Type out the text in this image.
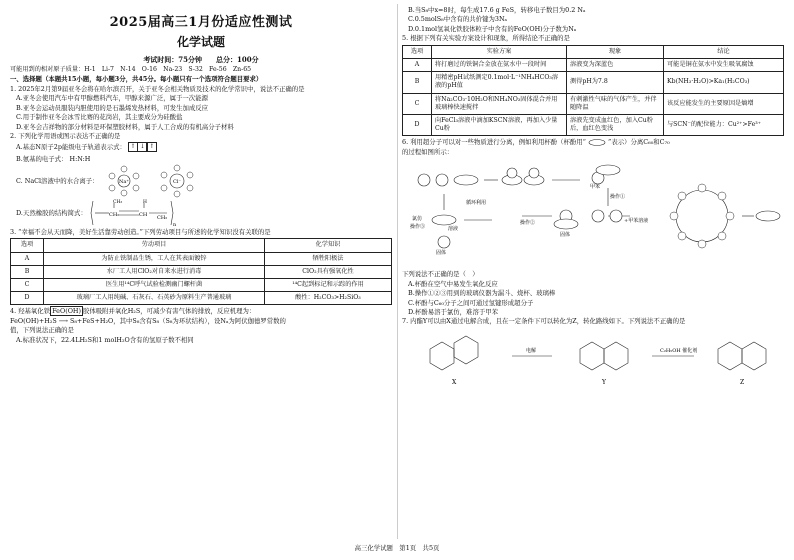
2025届高三1月份适应性测试
化学试题
考试时间：75分钟　　总分：100分
可能用到的相对原子质量：H-1　Li-7　N-14　O-16　Na-23　S-32　Fe-56　Zn-65
一、选择题（本题共15小题，每小题3分，共45分。每小题只有一个选项符合题目要求）

1. 2025年2月第9届亚冬会将在哈尔滨召开，关于亚冬会相关物质及技术的化学常识中，说法不正确的是

A.亚冬会使用汽车中有甲醇燃料汽车，甲醇来源广泛，属于一次能源

B.亚冬会运动员服装内胆使用的是石墨烯发热材料，可发生加成反应

C.用于制作亚冬会冰雪比赛的花岗岩，其主要成分为硅酸盐

D.亚冬会吉祥物的部分材料是环保塑胶材料，属于人工合成的有机高分子材料

2. 下列化学用语或图示表达不正确的是

A.基态N原子2p能级电子轨道表示式： ↑ ↓ ↑

B.氨基的电子式： H:N:H

C. NaCl溶液中的水合离子：	Na⁺	Cl⁻
D.天然橡胶的结构简式：	CH₂
CH₃
CH
H
CH₂
n

3. “幸福不会从天而降，美好生活靠劳动创造。”下列劳动项目与所述的化学知识没有关联的是

选项	劳动项目	化学知识
A	为防止铁制品生锈，工人在其表面镀锌	牺牲阳极法
B	水厂工人用ClO₂对自来水进行消毒	ClO₂具有强氧化性
C	医生用¹⁴C呼气试验检测幽门螺杆菌	¹⁴C起到标记和示踪的作用
D	玻璃厂工人用纯碱、石灰石、石英砂为原料生产普通玻璃	酸性：H₂CO₃>H₂SiO₃

4. 羟基氧化铁 FeO(OH) 胶体吸附并氧化H₂S，可减少有害气体的排放，反应机理为：

FeO(OH)+H₂S ⟶ S₈+FeS+H₂O，其中S₈含有S₈（S₈为环状结构），设Nₐ为阿伏伽德罗常数的

值，下列说法正确的是

A.标准状况下，22.4LH₂S和1 molH₂O含有的氢原子数不相同

B.当S₈中x=8时，每生成17.6 g FeS，转移电子数目为0.2 Nₐ

C.0.5molS₈中含有的共价键为3Nₐ

D.0.1mol氢氧化铁胶体粒子中含有的FeO(OH)分子数为Nₐ

5. 根据下列有关实验方案设计和现象，所得结论不正确的是

选项	实验方案	现象	结论
A	将打磨过的铁铜合金放在氨水中一段时间	溶液变为深蓝色	可能是铜在氨水中发生吸氧腐蚀
B	用精密pH试纸测定0.1mol·L⁻¹NH₄HCO₃溶液的pH值	测得pH为7.8	Kb(NH₃·H₂O)>Ka₁(H₂CO₃)
C	将Na₂CO₃·10H₂O和NH₄NO₃固体混合并用玻璃棒快速搅拌	有刺激性气味的气体产生，并伴随降温	该反应能发生的主要原因是熵增
D	向FeCl₃溶液中滴加KSCN溶液，再加入少量Cu粉	溶液先变成血红色，加入Cu粉后，血红色变浅	与SCN⁻的配位能力：Cu²⁺>Fe³⁺

6. 利用超分子可以对一些物质进行分离，例如利用杯酚（杯酚用“	”表示）分离C₆₀和C₇₀

的过程如图所示：

甲苯
操作①
氯仿
操作③
循环利用
溶液
固体
操作②	+甲苯溶液
固体

下列说法不正确的是（　）

A.杯酚在空气中易发生氧化反应

B.操作①②③用到的玻璃仪器为漏斗、烧杯、玻璃棒

C.杯酚与C₆₀分子之间可通过氢键形成超分子

D.杯酚易溶于氯仿，难溶于甲苯

7. 内酯Y可以由X通过电解合成，且在一定条件下可以转化为Z，转化路线如下。下列说法不正确的是

电解	C₂H₅OH 催化剂
X	Y	Z
高三化学试题　第1页　共5页
